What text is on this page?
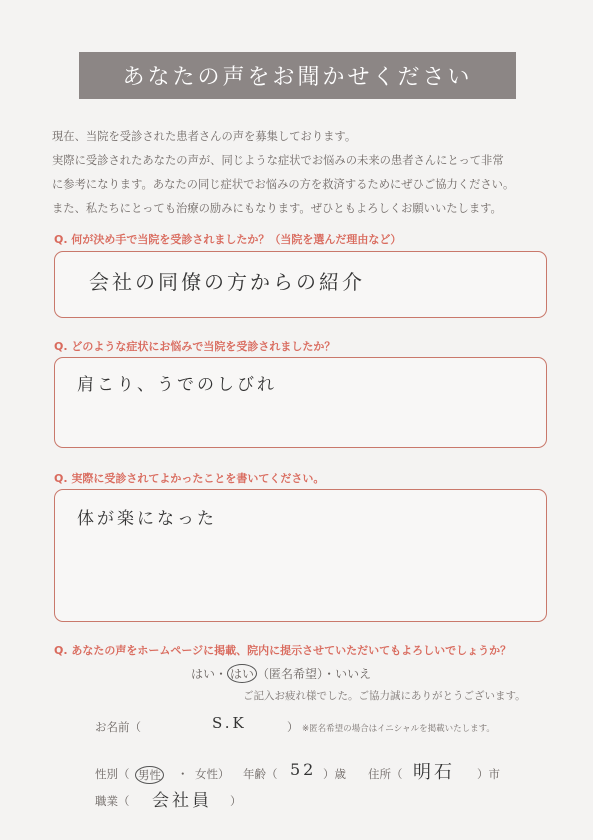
あなたの声をお聞かせください

現在、当院を受診された患者さんの声を募集しております。

実際に受診されたあなたの声が、同じような症状でお悩みの未来の患者さんにとって非常

に参考になります。あなたの同じ症状でお悩みの方を救済するためにぜひご協力ください。

また、私たちにとっても治療の励みにもなります。ぜひともよろしくお願いいたします。

Q. 何が決め手で当院を受診されましたか？（当院を選んだ理由など）
会社の同僚の方からの紹介
Q. どのような症状にお悩みで当院を受診されましたか？
肩こり、うでのしびれ
Q. 実際に受診されてよかったことを書いてください。
体が楽になった
Q. あなたの声をホームページに掲載、院内に提示させていただいてもよろしいでしょうか？
はい・ はい （匿名希望）・いいえ
ご記入お疲れ様でした。ご協力誠にありがとうございます。
お名前（	S.K	） ※匿名希望の場合はイニシャルを掲載いたします。
性別（ 男性 ・ 女性） 年齢（ 52 ）歳 住所（ 明石 ）市
職業（ 会社員 ）
